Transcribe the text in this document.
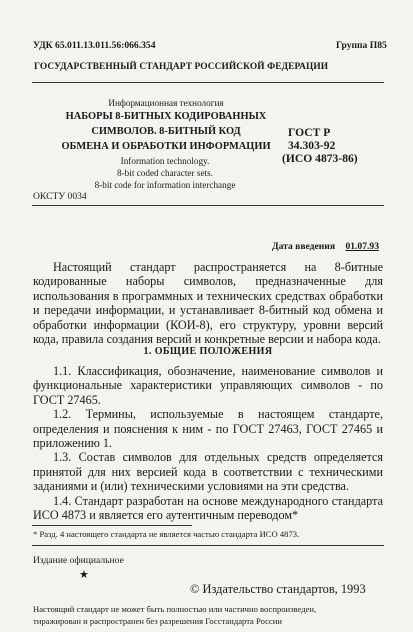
УДК 65.011.13.011.56:066.354	Группа П85
ГОСУДАРСТВЕННЫЙ СТАНДАРТ РОССИЙСКОЙ ФЕДЕРАЦИИ
Информационная технология
НАБОРЫ 8-БИТНЫХ КОДИРОВАННЫХ
СИМВОЛОВ. 8-БИТНЫЙ КОД
ОБМЕНА И ОБРАБОТКИ ИНФОРМАЦИИ
Information technology.
8-bit coded character sets.
8-bit code for information interchange
ГОСТ Р
34.303-92
(ИСО 4873-86)
ОКСТУ 0034
Дата введения 01.07.93
Настоящий стандарт распространяется на 8-битные кодированные наборы символов, предназначенные для использования в программных и технических средствах обработки и передачи информации, и устанавливает 8-битный код обмена и обработки информации (КОИ-8), его структуру, уровни версий кода, правила создания версий и конкретные версии и набора кода.
1. ОБЩИЕ ПОЛОЖЕНИЯ
1.1. Классификация, обозначение, наименование символов и функциональные характеристики управляющих символов - по ГОСТ 27465.
1.2. Термины, используемые в настоящем стандарте, определения и пояснения к ним - по ГОСТ 27463, ГОСТ 27465 и приложению 1.
1.3. Состав символов для отдельных средств определяется принятой для них версией кода в соответствии с техническими заданиями и (или) техническими условиями на эти средства.
1.4. Стандарт разработан на основе международного стандарта ИСО 4873 и является его аутентичным переводом*
* Разд. 4 настоящего стандарта не является частью стандарта ИСО 4873.
Издание официальное
★
© Издательство стандартов, 1993
Настоящий стандарт не может быть полностью или частично воспроизведен,
тиражирован и распространен без разрешения Госстандарта России
